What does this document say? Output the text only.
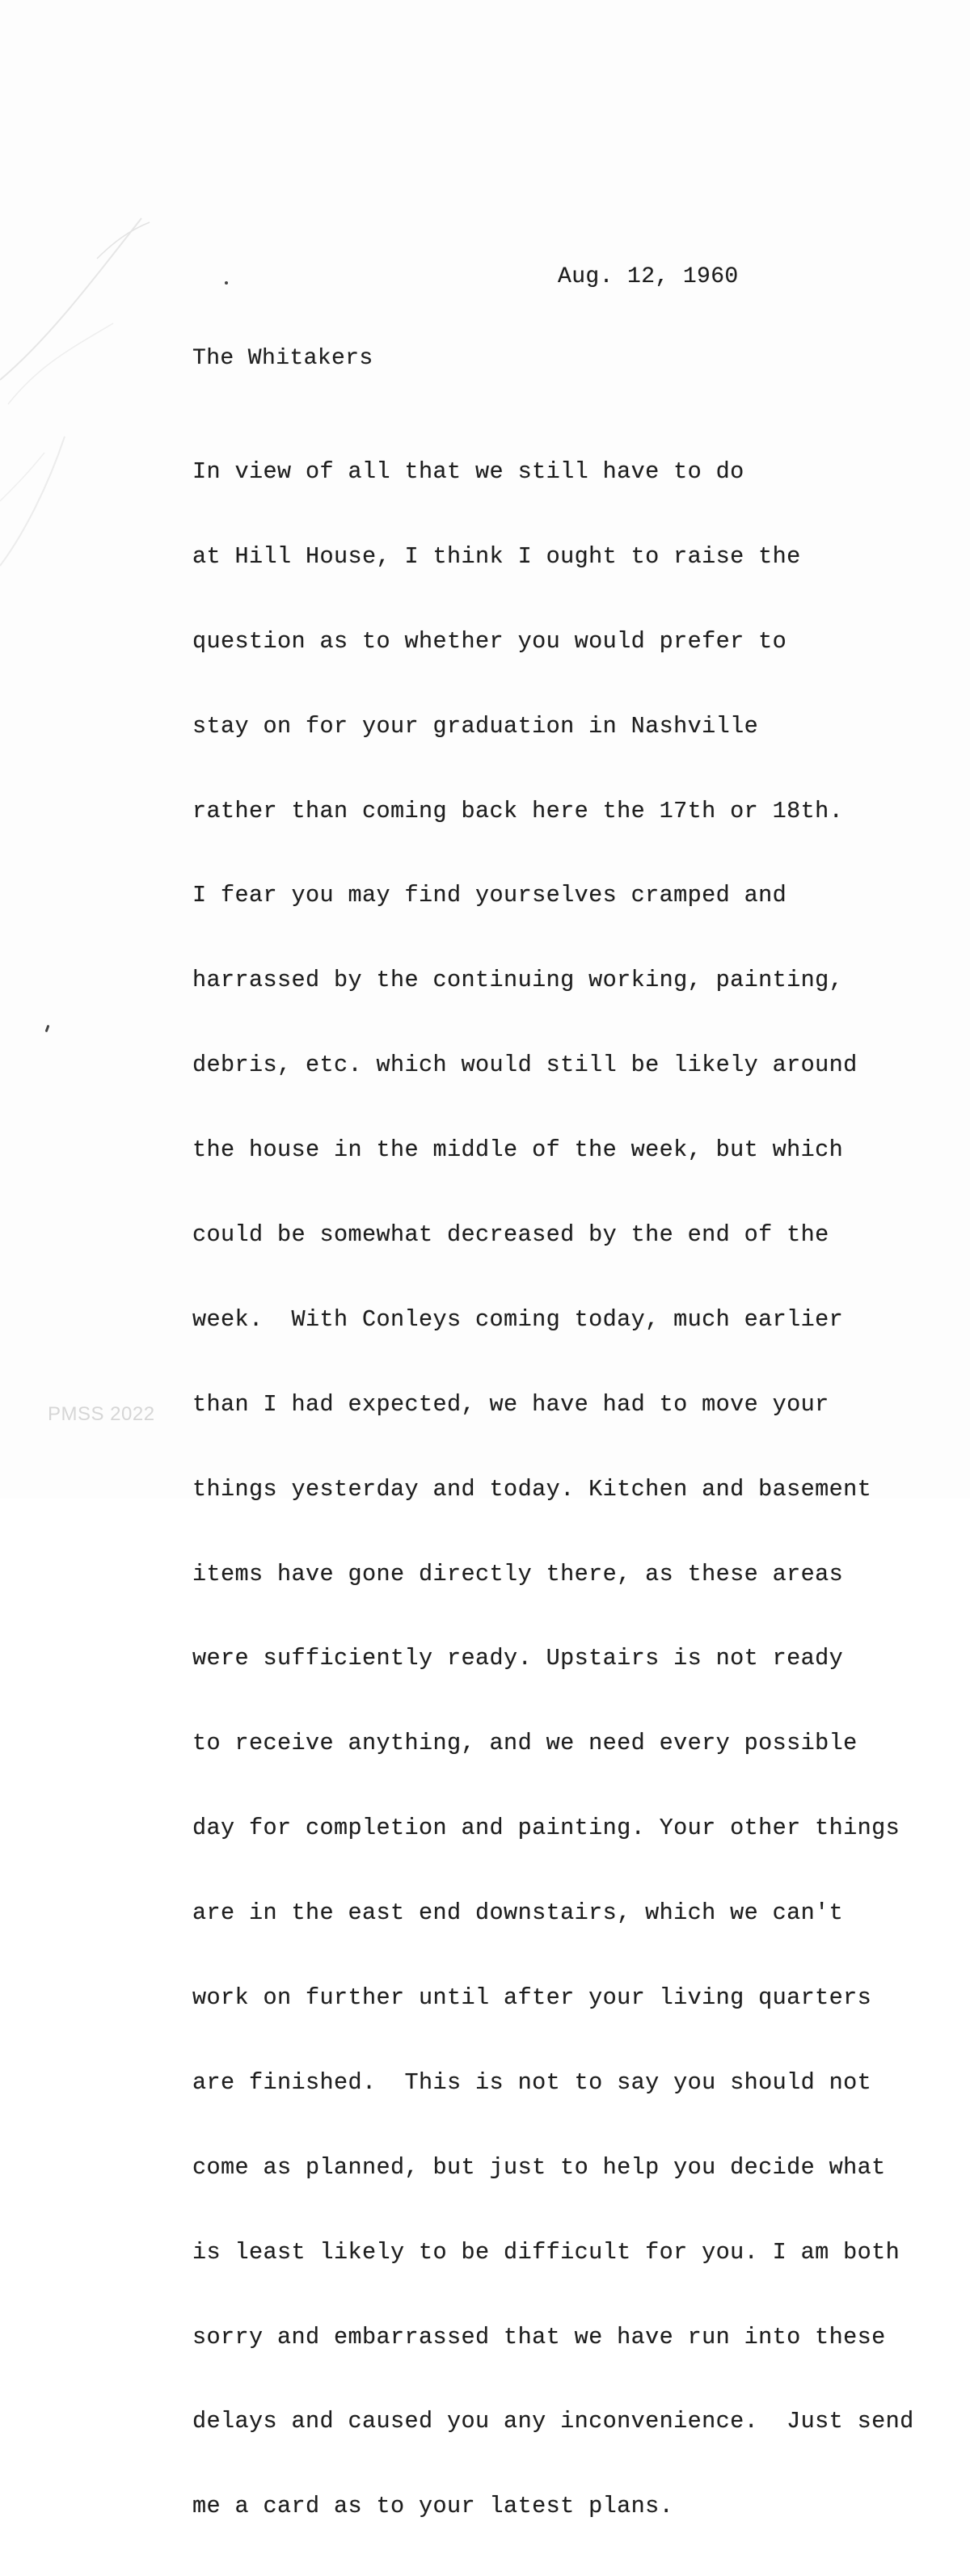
Aug. 12, 1960
The Whitakers

In view of all that we still have to do

at Hill House, I think I ought to raise the

question as to whether you would prefer to

stay on for your graduation in Nashville

rather than coming back here the 17th or 18th.

I fear you may find yourselves cramped and

harrassed by the continuing working, painting,

debris, etc. which would still be likely around

the house in the middle of the week, but which

could be somewhat decreased by the end of the

week.  With Conleys coming today, much earlier

than I had expected, we have had to move your

things yesterday and today. Kitchen and basement

items have gone directly there, as these areas

were sufficiently ready. Upstairs is not ready

to receive anything, and we need every possible

day for completion and painting. Your other things

are in the east end downstairs, which we can't

work on further until after your living quarters

are finished.  This is not to say you should not

come as planned, but just to help you decide what

is least likely to be difficult for you. I am both

sorry and embarrassed that we have run into these

delays and caused you any inconvenience.  Just send

me a card as to your latest plans.

PMSS 2022
